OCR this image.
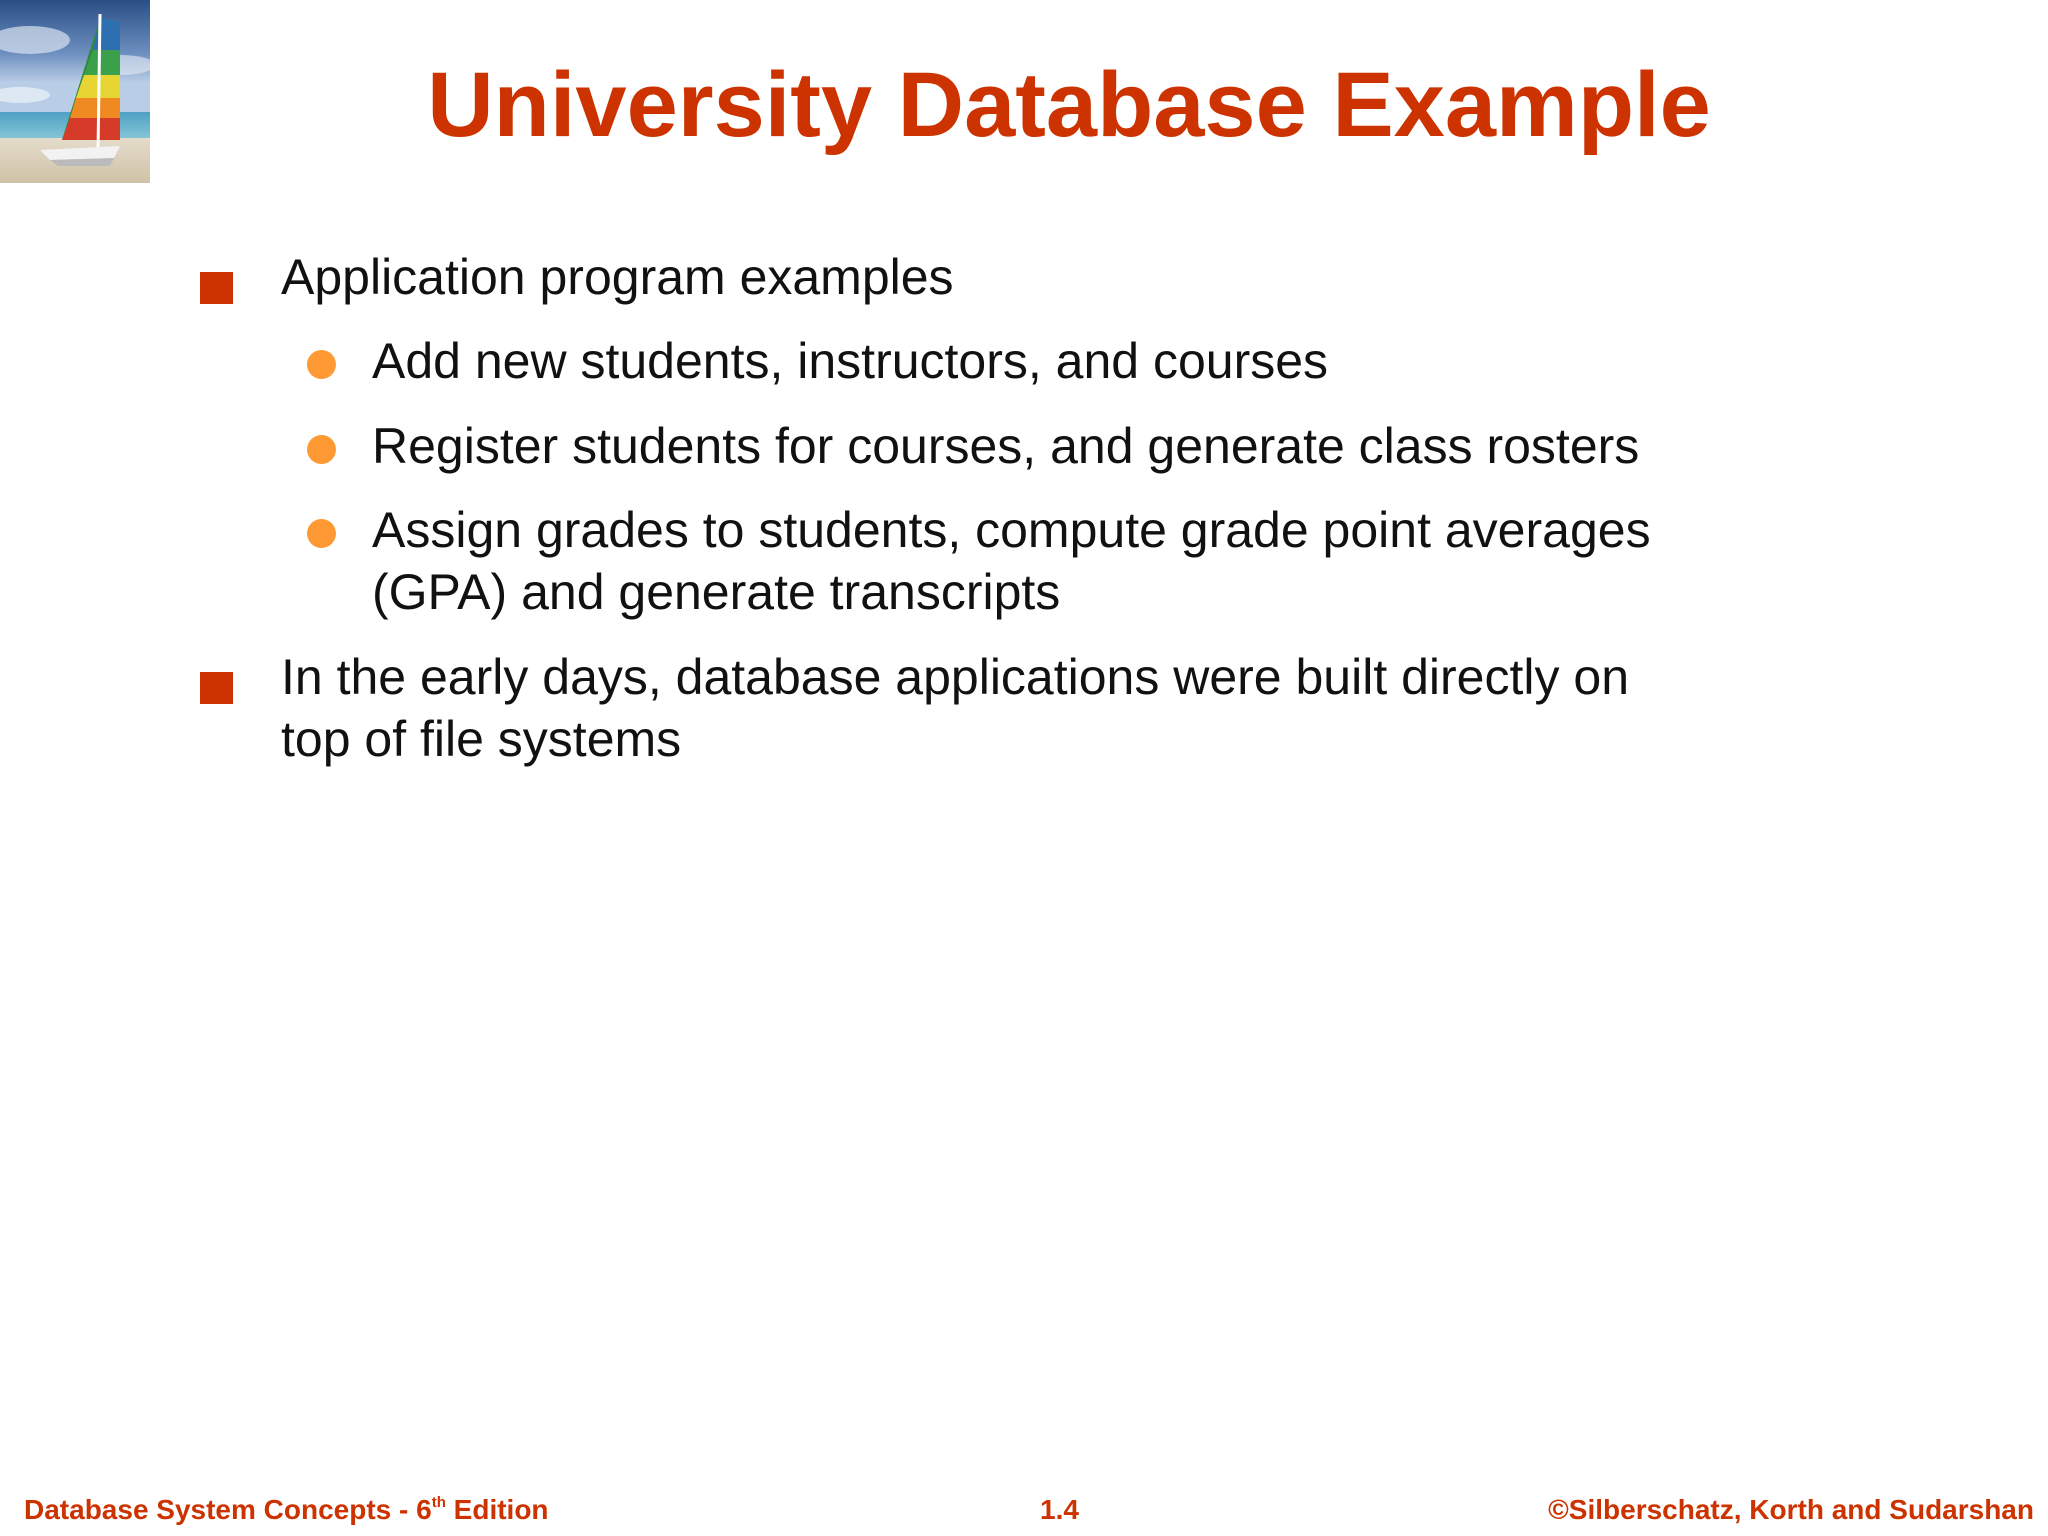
University Database Example
Application program examples
Add new students, instructors, and courses
Register students for courses, and generate class rosters
Assign grades to students, compute grade point averages
(GPA) and generate transcripts
In the early days, database applications were built directly on
top of file systems
Database System Concepts - 6th Edition	1.4	©Silberschatz, Korth and Sudarshan
